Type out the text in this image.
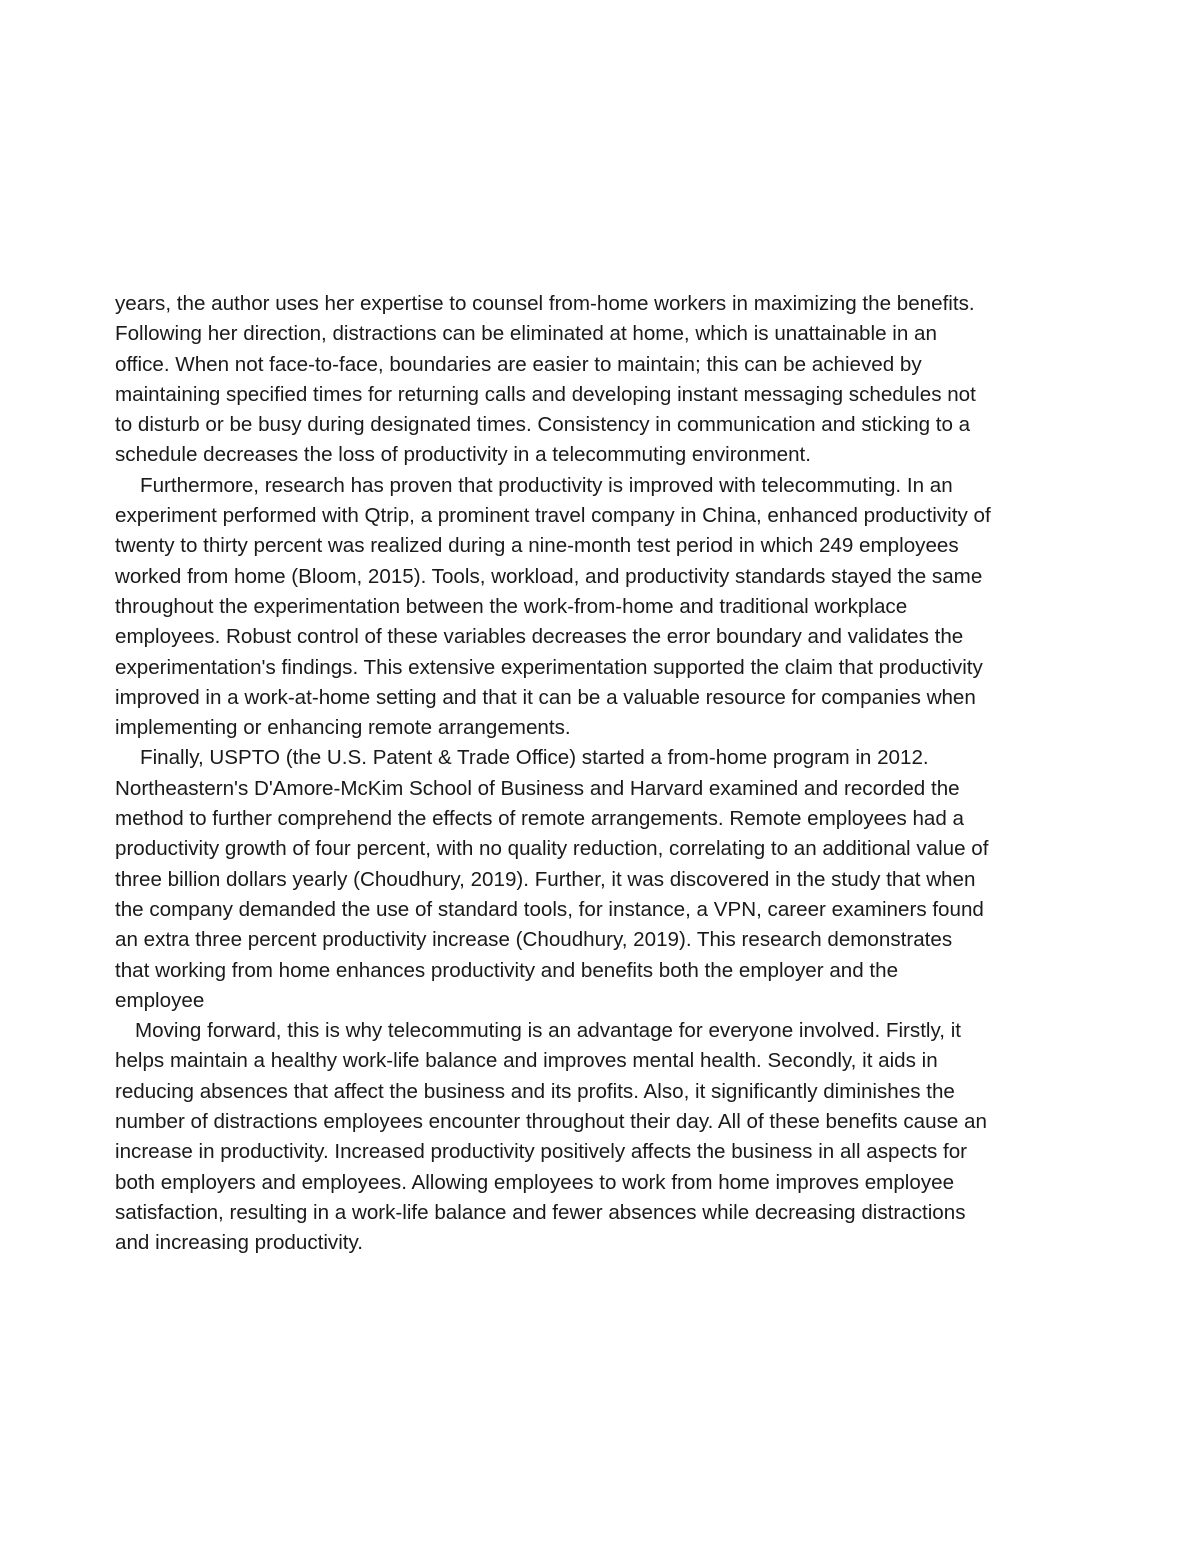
years, the author uses her expertise to counsel from-home workers in maximizing the benefits.
Following her direction, distractions can be eliminated at home, which is unattainable in an
office. When not face-to-face, boundaries are easier to maintain; this can be achieved by
maintaining specified times for returning calls and developing instant messaging schedules not
to disturb or be busy during designated times. Consistency in communication and sticking to a
schedule decreases the loss of productivity in a telecommuting environment.
Furthermore, research has proven that productivity is improved with telecommuting. In an
experiment performed with Qtrip, a prominent travel company in China, enhanced productivity of
twenty to thirty percent was realized during a nine-month test period in which 249 employees
worked from home (Bloom, 2015). Tools, workload, and productivity standards stayed the same
throughout the experimentation between the work-from-home and traditional workplace
employees. Robust control of these variables decreases the error boundary and validates the
experimentation's findings. This extensive experimentation supported the claim that productivity
improved in a work-at-home setting and that it can be a valuable resource for companies when
implementing or enhancing remote arrangements.
Finally, USPTO (the U.S. Patent & Trade Office) started a from-home program in 2012.
Northeastern's D'Amore-McKim School of Business and Harvard examined and recorded the
method to further comprehend the effects of remote arrangements. Remote employees had a
productivity growth of four percent, with no quality reduction, correlating to an additional value of
three billion dollars yearly (Choudhury, 2019). Further, it was discovered in the study that when
the company demanded the use of standard tools, for instance, a VPN, career examiners found
an extra three percent productivity increase (Choudhury, 2019). This research demonstrates
that working from home enhances productivity and benefits both the employer and the
employee
Moving forward, this is why telecommuting is an advantage for everyone involved. Firstly, it
helps maintain a healthy work-life balance and improves mental health. Secondly, it aids in
reducing absences that affect the business and its profits. Also, it significantly diminishes the
number of distractions employees encounter throughout their day. All of these benefits cause an
increase in productivity. Increased productivity positively affects the business in all aspects for
both employers and employees. Allowing employees to work from home improves employee
satisfaction, resulting in a work-life balance and fewer absences while decreasing distractions
and increasing productivity.
